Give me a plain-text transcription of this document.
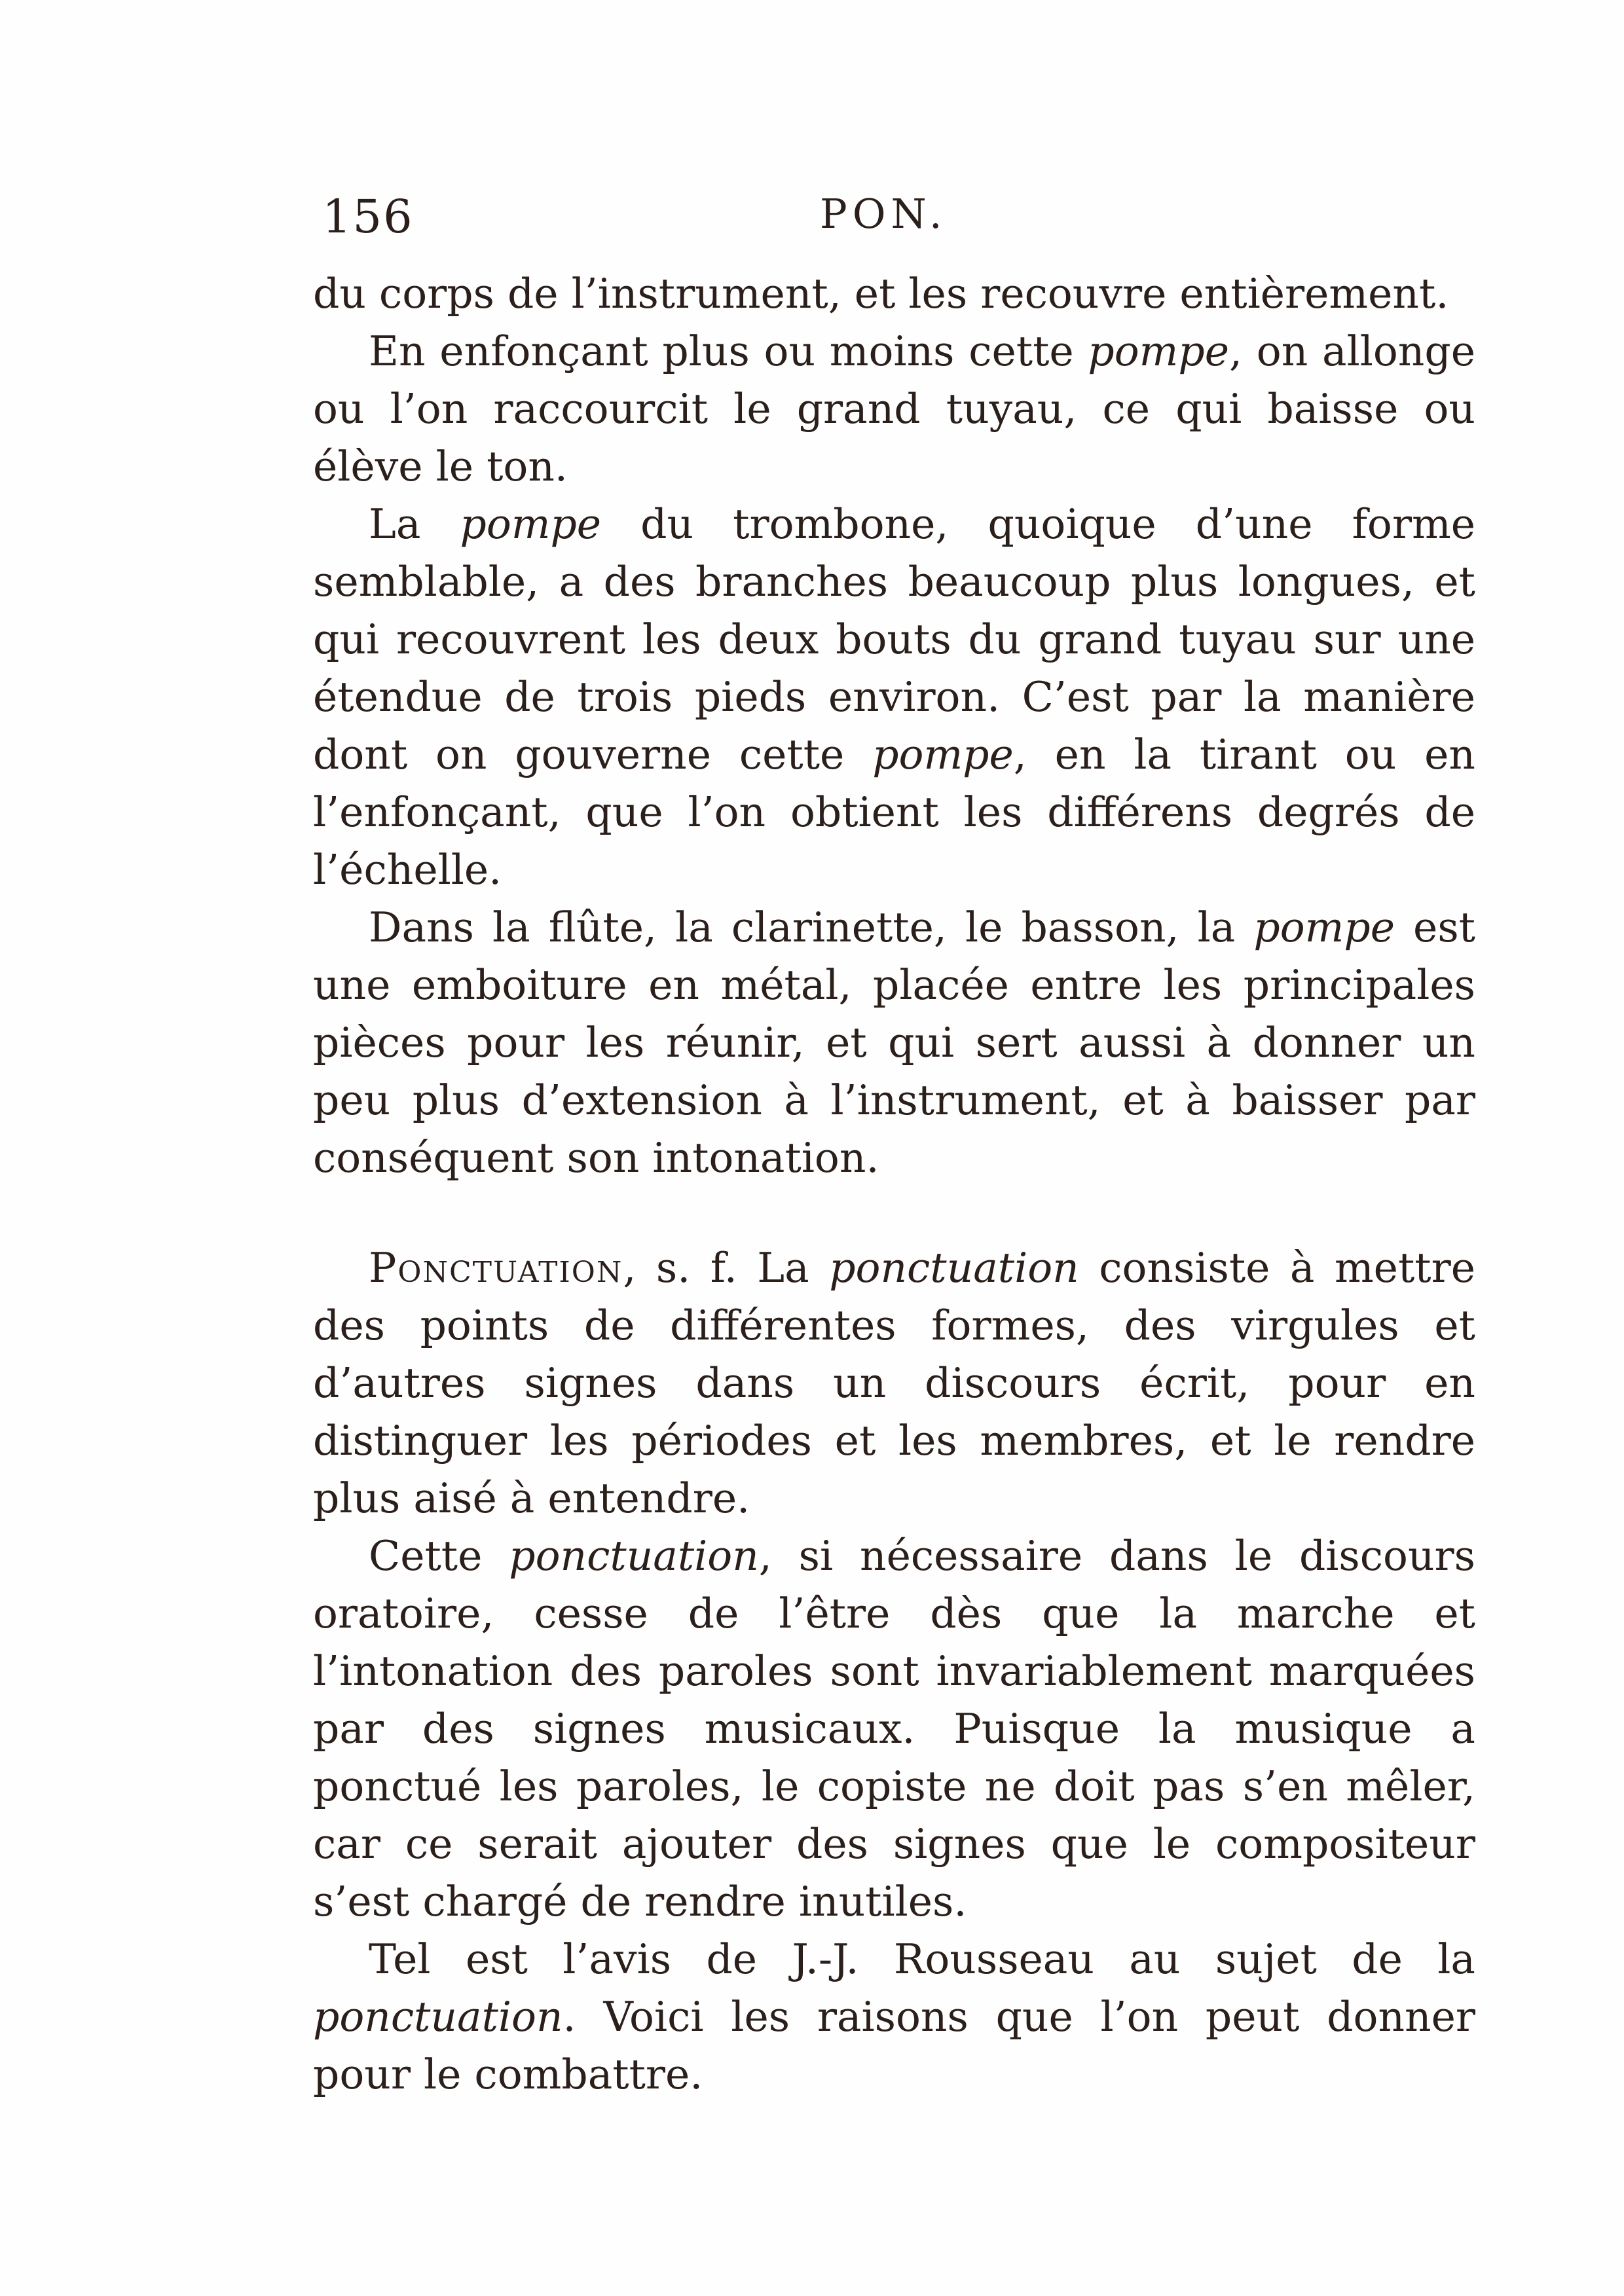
156	PON.

du corps de l’instrument, et les recouvre entièrement.

En enfonçant plus ou moins cette pompe, on allonge ou l’on raccourcit le grand tuyau, ce qui baisse ou élève le ton.

La pompe du trombone, quoique d’une forme semblable, a des branches beaucoup plus longues, et qui recouvrent les deux bouts du grand tuyau sur une étendue de trois pieds environ. C’est par la manière dont on gouverne cette pompe, en la tirant ou en l’enfonçant, que l’on obtient les différens degrés de l’échelle.

Dans la flûte, la clarinette, le basson, la pompe est une emboiture en métal, placée entre les principales pièces pour les réunir, et qui sert aussi à donner un peu plus d’extension à l’instrument, et à baisser par conséquent son intonation.

Ponctuation, s. f. La ponctuation consiste à mettre des points de différentes formes, des virgules et d’autres signes dans un discours écrit, pour en distinguer les périodes et les membres, et le rendre plus aisé à entendre.

Cette ponctuation, si nécessaire dans le discours oratoire, cesse de l’être dès que la marche et l’intonation des paroles sont invariablement marquées par des signes musicaux. Puisque la musique a ponctué les paroles, le copiste ne doit pas s’en mêler, car ce serait ajouter des signes que le compositeur s’est chargé de rendre inutiles.

Tel est l’avis de J.-J. Rousseau au sujet de la ponctuation. Voici les raisons que l’on peut donner pour le combattre.
